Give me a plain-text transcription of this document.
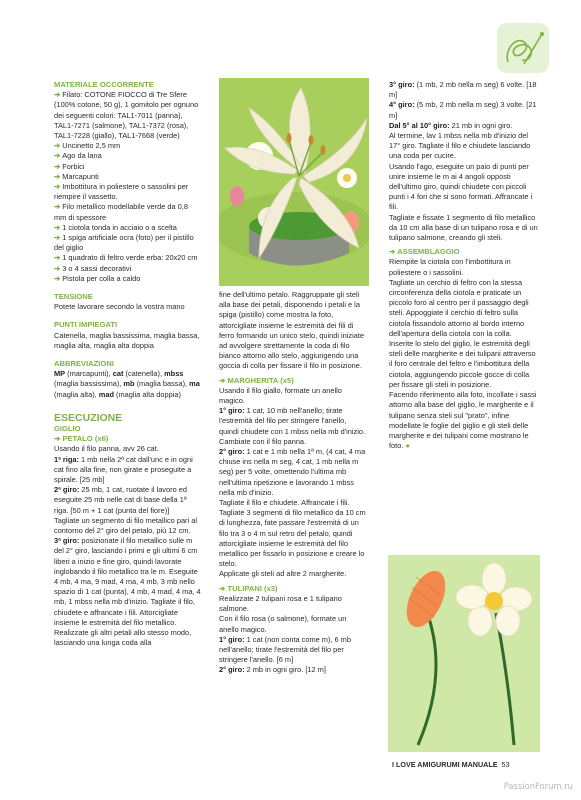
MATERIALE OCCORRENTE

➔ Filato: COTONE FIOCCO di Tre Sfere (100% cotone, 50 g), 1 gomitolo per ognuno dei seguenti colori: TAL1-7011 (panna), TAL1-7271 (salmone), TAL1-7372 (rosa), TAL1-7228 (giallo), TAL1-7668 (verde)

➔ Uncinetto 2,5 mm

➔ Ago da lana

➔ Forbici

➔ Marcapunti

➔ Imbottitura in poliestere o sassolini per riempire il vassetto.

➔ Filo metallico modellabile verde da 0,8 mm di spessore

➔ 1 ciotola tonda in acciaio o a scelta

➔ 1 spiga artificiale ocra (foto) per il pistillo del giglio

➔ 1 quadrato di feltro verde erba: 20x20 cm

➔ 3 o 4 sassi decorativi

➔ Pistola per colla a caldo

TENSIONE

Potete lavorare secondo la vostra mano

PUNTI IMPIEGATI

Catenella, maglia bassissima, maglia bassa, maglia alta, maglia alta doppia

ABBREVIAZIONI

MP (marcapunti), cat (catenella), mbss (maglia bassissima), mb (maglia bassa), ma (maglia alta), mad (maglia alta doppia)

ESECUZIONE
GIGLIO
➔ PETALO (x6)

Usando il filo panna, avv 26 cat.

1ª riga: 1 mb nella 2ª cat dall'unc e in ogni cat fino alla fine, non girate e proseguite a spirale. [25 mb]

2ª giro: 25 mb, 1 cat, ruotate il lavoro ed eseguite 25 mb nelle cat di base della 1ª riga. [50 m + 1 cat (punta del fiore)]

Tagliate un segmento di filo metallico pari al contorno del 2° giro del petalo, più 12 cm.

3ª giro: posizionate il filo metallico sulle m del 2° giro, lasciando i primi e gli ultimi 6 cm liberi a inizio e fine giro, quindi lavorate inglobando il filo metallico tra le m. Eseguite 4 mb, 4 ma, 9 mad, 4 ma, 4 mb, 3 mb nello spazio di 1 cat (punta), 4 mb, 4 mad, 4 ma, 4 mb, 1 mbss nella mb d'inizio. Tagliate il filo, chiudete e affrancate i fili. Attorcigliate insieme le estremità del filo metallico.

Realizzate gli altri petali allo stesso modo, lasciando una lunga coda alla

fine dell'ultimo petalo. Raggruppate gli steli alla base dei petali, disponendo i petali e la spiga (pistillo) come mostra la foto, attorcigliate insieme le estremità dei fili di ferro formando un unico stelo, quindi iniziate ad avvolgere strettamente la coda di filo bianco attorno allo stelo, aggiungendo una goccia di colla per fissare il filo in posizione.

➔ MARGHERITA (x5)

Usando il filo giallo, formate un anello magico.

1° giro: 1 cat, 10 mb nell'anello; tirate l'estremità del filo per stringere l'anello, quindi chiudete con 1 mbss nella mb d'inizio.

Cambiate con il filo panna.

2° giro: 1 cat e 1 mb nella 1ª m, (4 cat, 4 ma chiuse ins nella m seg, 4 cat, 1 mb nella m seg) per 5 volte, omettendo l'ultima mb nell'ultima ripetizione e lavorando 1 mbss nella mb d'inizio.

Tagliate il filo e chiudete. Affrancate i fili. Tagliate 3 segmenti di filo metallico da 10 cm di lunghezza, fate passare l'estremità di un filo tra 3 o 4 m sul retro del petalo, quindi attorcigliate insieme le estremità del filo metallico per fissarlo in posizione e creare lo stelo.

Applicate gli steli ad altre 2 margherite.

➔ TULIPANI (x3)

Realizzate 2 tulipani rosa e 1 tulipano salmone.

Con il filo rosa (o salmone), formate un anello magico.

1° giro: 1 cat (non conta come m), 6 mb nell'anello; tirate l'estremità del filo per stringere l'anello. [6 m]

2° giro: 2 mb in ogni giro. [12 m]

3° giro: (1 mb, 2 mb nella m seg) 6 volte. [18 m]

4° giro: (5 mb, 2 mb nella m seg) 3 volte. [21 m]

Dal 5° al 10° giro: 21 mb in ogni giro.

Al termine, lav 1 mbss nella mb d'inizio del 17° giro. Tagliate il filo e chiudete lasciando una coda per cucire.

Usando l'ago, eseguite un paio di punti per unire insieme le m ai 4 angoli opposti dell'ultimo giro, quindi chiudete con piccoli punti i 4 fori che si sono formati. Affrancate i fili.

Tagliate e fissate 1 segmento di filo metallico da 10 cm alla base di un tulipano rosa e di un tulipano salmone, creando gli steli.

➔ ASSEMBLAGGIO

Riempite la ciotola con l'imbottitura in poliestere o i sassolini.

Tagliate un cerchio di feltro con la stessa circonferenza della ciotola e praticate un piccolo foro al centro per il passaggio degli steli. Appoggiate il cerchio di feltro sulla ciotola fissandolo attorno al bordo interno dell'apertura della ciotola con la colla.

Inserite lo stelo del giglio, le estremità degli steli delle margherite e dei tulipani attraverso il foro centrale del feltro e l'imbottitura della ciotola, aggiungendo piccole gocce di colla per fissare gli steli in posizione.

Facendo riferimento alla foto, incollate i sassi attorno alla base del giglio, le margherite e il tulipano senza steli sul "prato", infine modellate le foglie del giglio e gli steli delle margherite e dei tulipani come mostrano le foto. ●

I LOVE AMIGURUMI MANUALE 53
PassionForum.ru
